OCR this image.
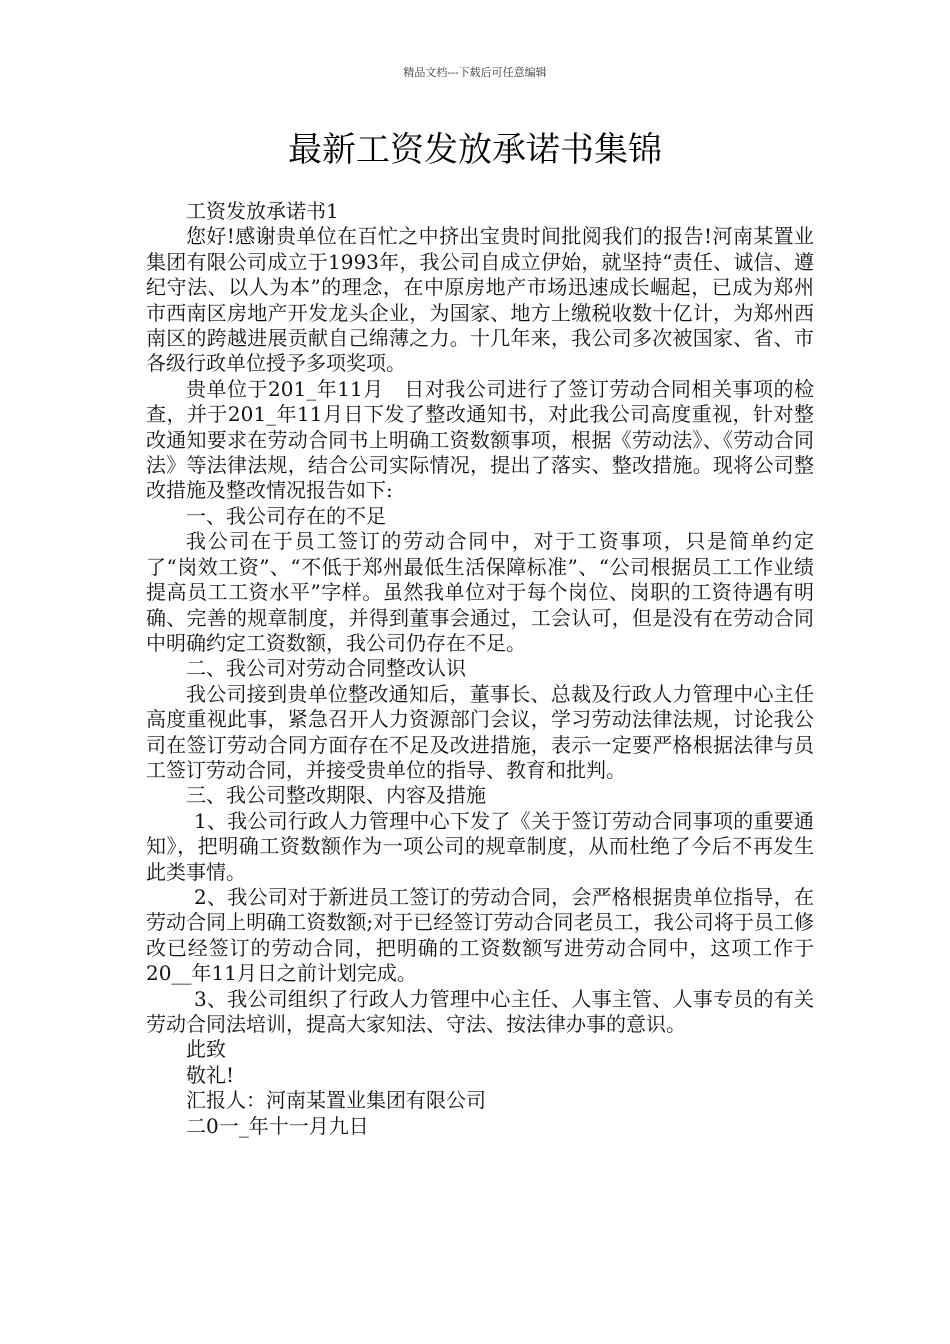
精品文档---下载后可任意编辑
最新工资发放承诺书集锦

工资发放承诺书1

您好!感谢贵单位在百忙之中挤出宝贵时间批阅我们的报告!河南某置业集团有限公司成立于1993年，我公司自成立伊始，就坚持“责任、诚信、遵纪守法、以人为本”的理念，在中原房地产市场迅速成长崛起，已成为郑州市西南区房地产开发龙头企业，为国家、地方上缴税收数十亿计，为郑州西南区的跨越进展贡献自己绵薄之力。十几年来，我公司多次被国家、省、市各级行政单位授予多项奖项。

贵单位于201_年11月　日对我公司进行了签订劳动合同相关事项的检查，并于201_年11月日下发了整改通知书，对此我公司高度重视，针对整改通知要求在劳动合同书上明确工资数额事项，根据《劳动法》、《劳动合同法》等法律法规，结合公司实际情况，提出了落实、整改措施。现将公司整改措施及整改情况报告如下:

一、我公司存在的不足

我公司在于员工签订的劳动合同中，对于工资事项，只是简单约定了“岗效工资”、“不低于郑州最低生活保障标准”、“公司根据员工工作业绩提高员工工资水平”字样。虽然我单位对于每个岗位、岗职的工资待遇有明确、完善的规章制度，并得到董事会通过，工会认可，但是没有在劳动合同中明确约定工资数额，我公司仍存在不足。

二、我公司对劳动合同整改认识

我公司接到贵单位整改通知后，董事长、总裁及行政人力管理中心主任高度重视此事，紧急召开人力资源部门会议，学习劳动法律法规，讨论我公司在签订劳动合同方面存在不足及改进措施，表示一定要严格根据法律与员工签订劳动合同，并接受贵单位的指导、教育和批判。

三、我公司整改期限、内容及措施

1、我公司行政人力管理中心下发了《关于签订劳动合同事项的重要通知》，把明确工资数额作为一项公司的规章制度，从而杜绝了今后不再发生此类事情。

2、我公司对于新进员工签订的劳动合同，会严格根据贵单位指导，在劳动合同上明确工资数额;对于已经签订劳动合同老员工，我公司将于员工修改已经签订的劳动合同，把明确的工资数额写进劳动合同中，这项工作于20__年11月日之前计划完成。

3、我公司组织了行政人力管理中心主任、人事主管、人事专员的有关劳动合同法培训，提高大家知法、守法、按法律办事的意识。

此致

敬礼!

汇报人：河南某置业集团有限公司

二0一_年十一月九日
